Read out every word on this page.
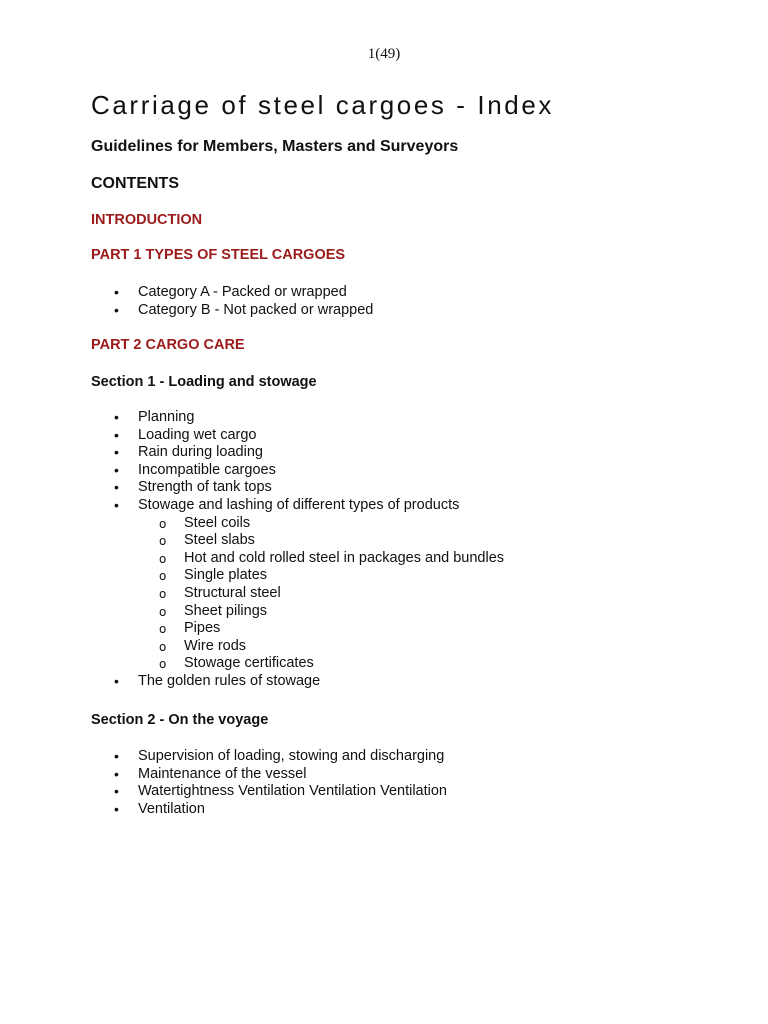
1(49)
Carriage of steel cargoes - Index
Guidelines for Members, Masters and Surveyors
CONTENTS
INTRODUCTION
PART 1 TYPES OF STEEL CARGOES
• Category A - Packed or wrapped
• Category B - Not packed or wrapped
PART 2 CARGO CARE
Section 1 - Loading and stowage
• Planning
• Loading wet cargo
• Rain during loading
• Incompatible cargoes
• Strength of tank tops
• Stowage and lashing of different types of products
o Steel coils
o Steel slabs
o Hot and cold rolled steel in packages and bundles
o Single plates
o Structural steel
o Sheet pilings
o Pipes
o Wire rods
o Stowage certificates
• The golden rules of stowage
Section 2 - On the voyage
• Supervision of loading, stowing and discharging
• Maintenance of the vessel
• Watertightness Ventilation Ventilation Ventilation
• Ventilation
